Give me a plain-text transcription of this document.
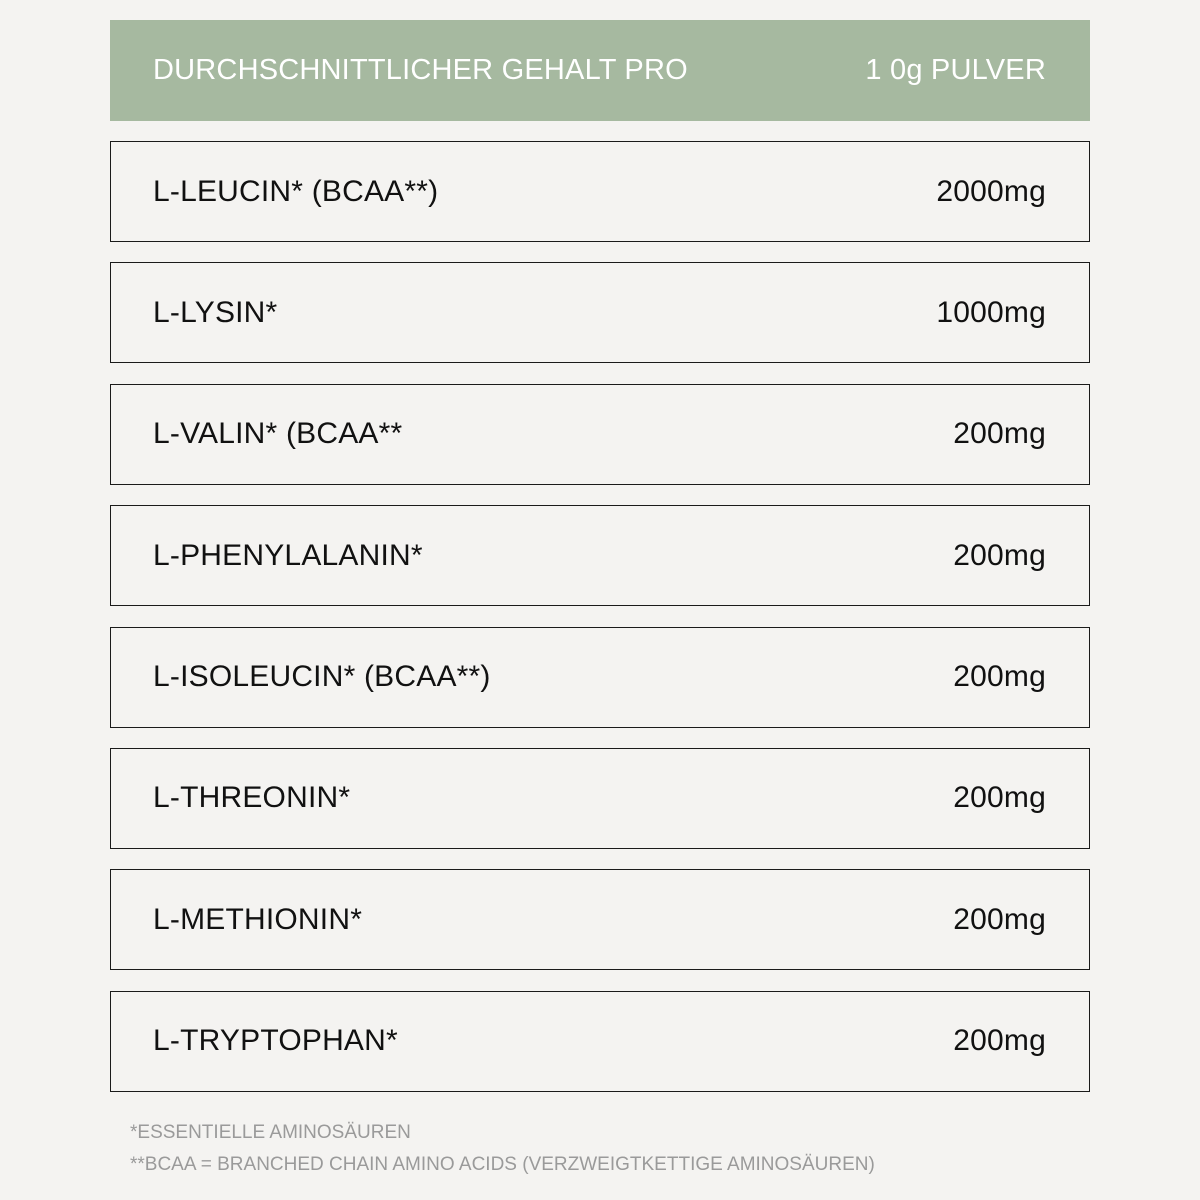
DURCHSCHNITTLICHER GEHALT PRO	1 0g PULVER
L-LEUCIN* (BCAA**)	2000mg
L-LYSIN*	1000mg
L-VALIN* (BCAA**	200mg
L-PHENYLALANIN*	200mg
L-ISOLEUCIN* (BCAA**)	200mg
L-THREONIN*	200mg
L-METHIONIN*	200mg
L-TRYPTOPHAN*	200mg
*ESSENTIELLE AMINOSÄUREN
**BCAA = BRANCHED CHAIN AMINO ACIDS (VERZWEIGTKETTIGE AMINOSÄUREN)
